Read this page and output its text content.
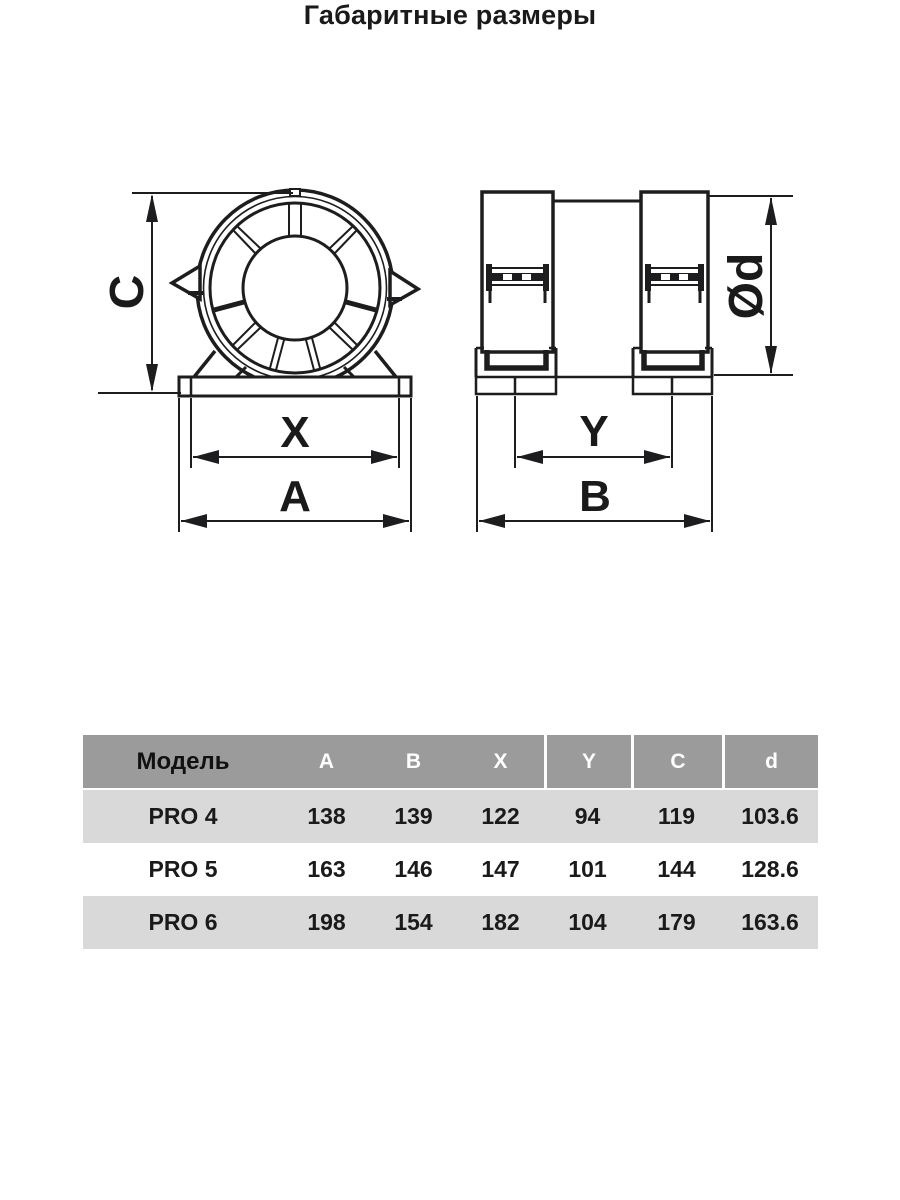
C
X
A
Ød
Y
B
Габаритные размеры
Модель	A	B	X	Y	C	d
PRO 4	138	139	122	94	119	103.6
PRO 5	163	146	147	101	144	128.6
PRO 6	198	154	182	104	179	163.6
